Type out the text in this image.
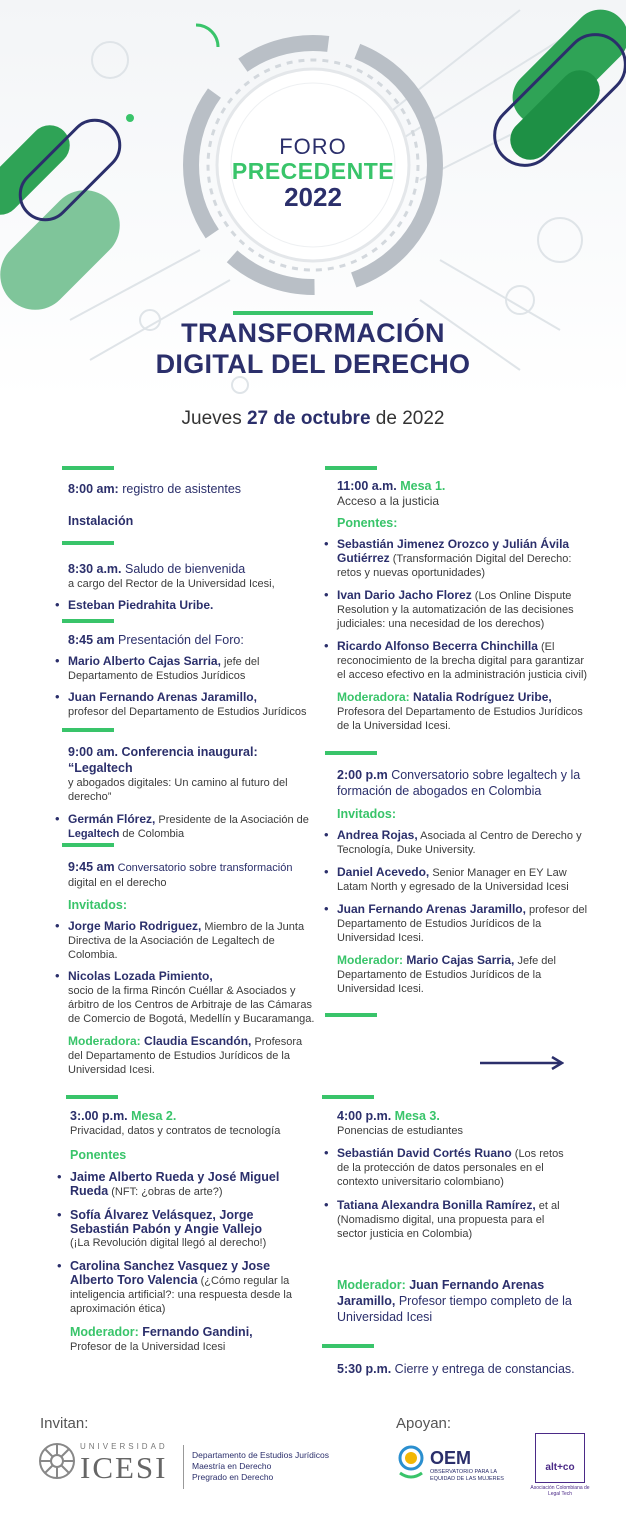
FORO
PRECEDENTE
2022
TRANSFORMACIÓN
DIGITAL DEL DERECHO
Jueves 27 de octubre de 2022
8:00 am: registro de asistentes
Instalación
8:30 a.m. Saludo de bienvenida
a cargo del Rector de la Universidad Icesi,
• Esteban Piedrahita Uribe.
8:45 am Presentación del Foro:
• Mario Alberto Cajas Sarria, jefe del
Departamento de Estudios Jurídicos
• Juan Fernando Arenas Jaramillo,
profesor del Departamento de Estudios Jurídicos
9:00 am. Conferencia inaugural: “Legaltech
y abogados digitales: Un camino al futuro del
derecho”
• Germán Flórez, Presidente de la Asociación de
Legaltech de Colombia
9:45 am Conversatorio sobre transformación
digital en el derecho
Invitados:
• Jorge Mario Rodriguez, Miembro de la Junta
Directiva de la Asociación de Legaltech de
Colombia.
• Nicolas Lozada Pimiento,
socio de la firma Rincón Cuéllar & Asociados y
árbitro de los Centros de Arbitraje de las Cámaras
de Comercio de Bogotá, Medellín y Bucaramanga.
Moderadora: Claudia Escandón, Profesora
del Departamento de Estudios Jurídicos de la
Universidad Icesi.
11:00 a.m. Mesa 1.
Acceso a la justicia
Ponentes:
• Sebastián Jimenez Orozco y Julián Ávila
Gutiérrez (Transformación Digital del Derecho:
retos y nuevas oportunidades)
• Ivan Dario Jacho Florez (Los Online Dispute
Resolution y la automatización de las decisiones
judiciales: una necesidad de los derechos)
• Ricardo Alfonso Becerra Chinchilla (El
reconocimiento de la brecha digital para garantizar
el acceso efectivo en la administración justicia civil)
Moderadora: Natalia Rodríguez Uribe,
Profesora del Departamento de Estudios Jurídicos
de la Universidad Icesi.
2:00 p.m Conversatorio sobre legaltech y la
formación de abogados en Colombia
Invitados:
• Andrea Rojas, Asociada al Centro de Derecho y
Tecnología, Duke University.
• Daniel Acevedo, Senior Manager en EY Law
Latam North y egresado de la Universidad Icesi
• Juan Fernando Arenas Jaramillo, profesor del
Departamento de Estudios Jurídicos de la
Universidad Icesi.
Moderador: Mario Cajas Sarria, Jefe del
Departamento de Estudios Jurídicos de la
Universidad Icesi.
3:.00 p.m. Mesa 2.
Privacidad, datos y contratos de tecnología
Ponentes
• Jaime Alberto Rueda y José Miguel
Rueda (NFT: ¿obras de arte?)
• Sofía Álvarez Velásquez, Jorge
Sebastián Pabón y Angie Vallejo
(¡La Revolución digital llegó al derecho!)
• Carolina Sanchez Vasquez y Jose
Alberto Toro Valencia (¿Cómo regular la
inteligencia artificial?: una respuesta desde la
aproximación ética)
Moderador: Fernando Gandini,
Profesor de la Universidad Icesi
4:00 p.m. Mesa 3.
Ponencias de estudiantes
• Sebastián David Cortés Ruano (Los retos
de la protección de datos personales en el
contexto universitario colombiano)
• Tatiana Alexandra Bonilla Ramírez, et al
(Nomadismo digital, una propuesta para el
sector justicia en Colombia)
Moderador: Juan Fernando Arenas
Jaramillo, Profesor tiempo completo de la
Universidad Icesi
5:30 p.m. Cierre y entrega de constancias.
Invitan:	Apoyan:
UNIVERSIDAD
ICESI	Departamento de Estudios Jurídicos
Maestría en Derecho
Pregrado en Derecho
OEM
OBSERVATORIO PARA LA
EQUIDAD DE LAS MUJERES
alt+co
Asociación Colombiana de
Legal Tech
